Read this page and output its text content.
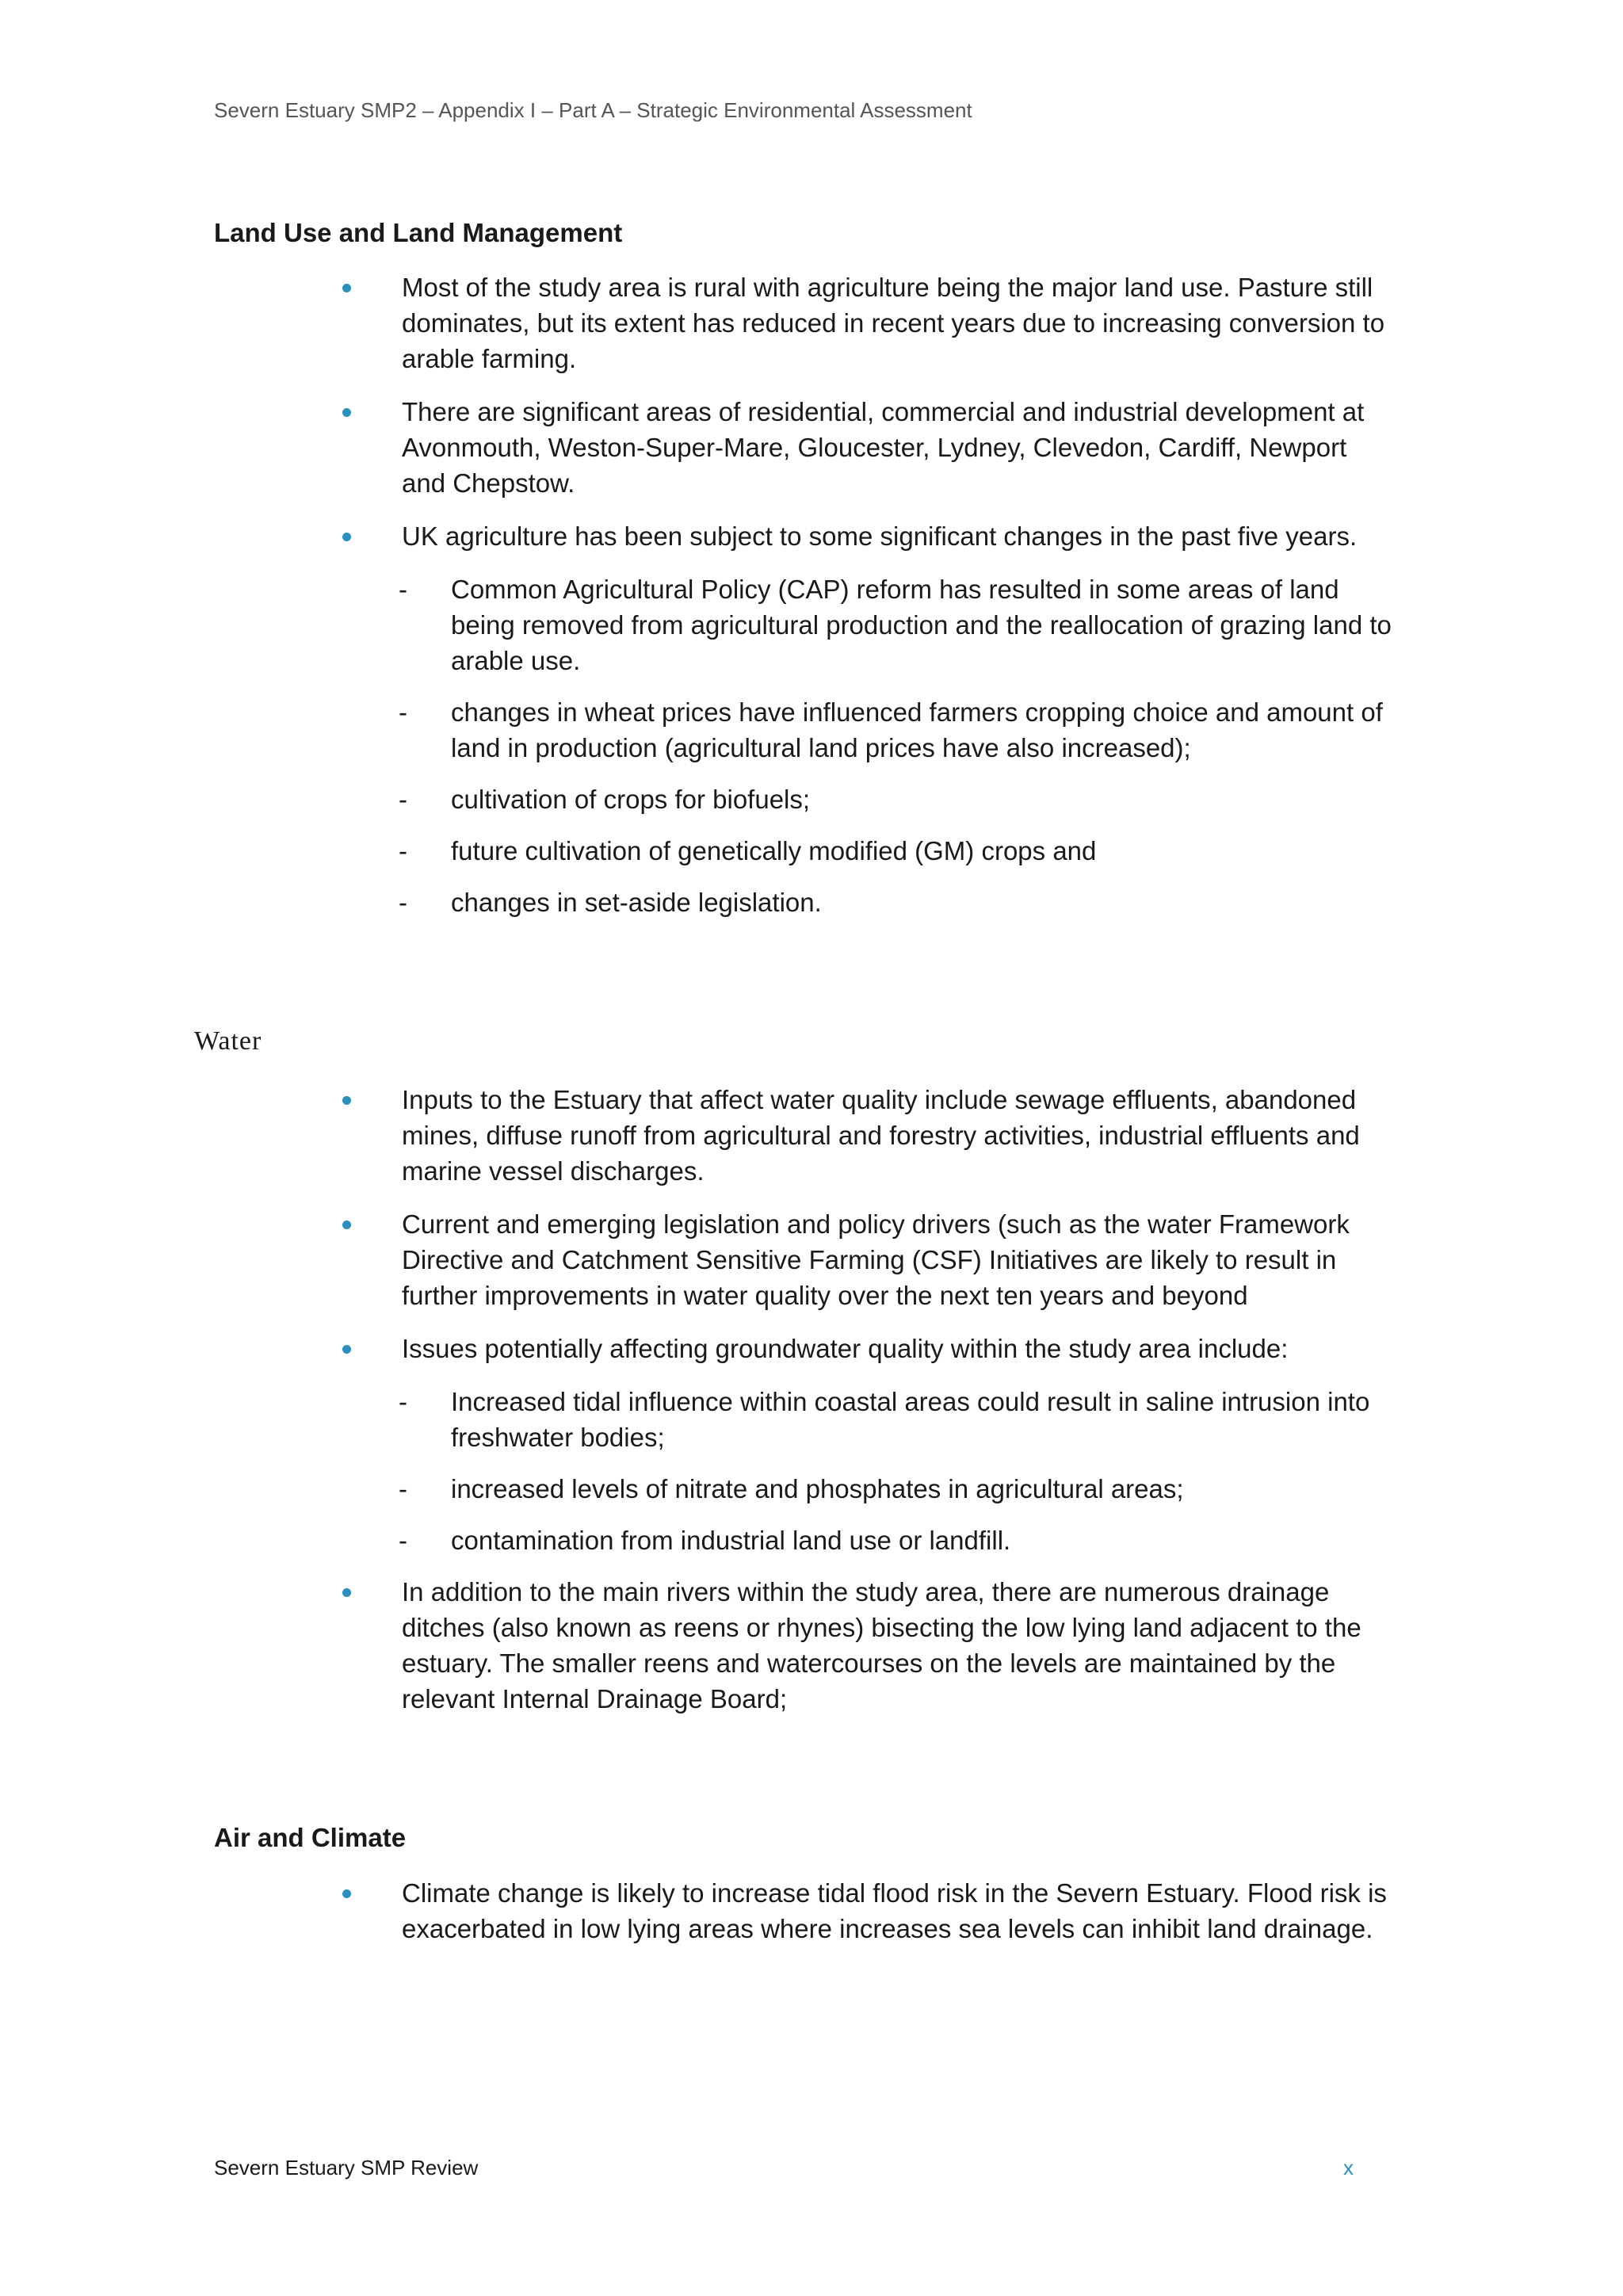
Severn Estuary SMP2 – Appendix I – Part A – Strategic Environmental Assessment
Land Use and Land Management
Most of the study area is rural with agriculture being the major land use. Pasture still dominates, but its extent has reduced in recent years due to increasing conversion to arable farming.
There are significant areas of residential, commercial and industrial development at Avonmouth, Weston-Super-Mare, Gloucester, Lydney, Clevedon, Cardiff, Newport and Chepstow.
UK agriculture has been subject to some significant changes in the past five years.
- Common Agricultural Policy (CAP) reform has resulted in some areas of land being removed from agricultural production and the reallocation of grazing land to arable use.
- changes in wheat prices have influenced farmers cropping choice and amount of land in production (agricultural land prices have also increased);
- cultivation of crops for biofuels;
- future cultivation of genetically modified (GM) crops and
- changes in set-aside legislation.
Water
Inputs to the Estuary that affect water quality include sewage effluents, abandoned mines, diffuse runoff from agricultural and forestry activities, industrial effluents and marine vessel discharges.
Current and emerging legislation and policy drivers (such as the water Framework Directive and Catchment Sensitive Farming (CSF) Initiatives are likely to result in further improvements in water quality over the next ten years and beyond
Issues potentially affecting groundwater quality within the study area include:
- Increased tidal influence within coastal areas could result in saline intrusion into freshwater bodies;
- increased levels of nitrate and phosphates in agricultural areas;
- contamination from industrial land use or landfill.
In addition to the main rivers within the study area, there are numerous drainage ditches (also known as reens or rhynes) bisecting the low lying land adjacent to the estuary. The smaller reens and watercourses on the levels are maintained by the relevant Internal Drainage Board;
Air and Climate
Climate change is likely to increase tidal flood risk in the Severn Estuary. Flood risk is exacerbated in low lying areas where increases sea levels can inhibit land drainage.
Severn Estuary SMP Review	x
